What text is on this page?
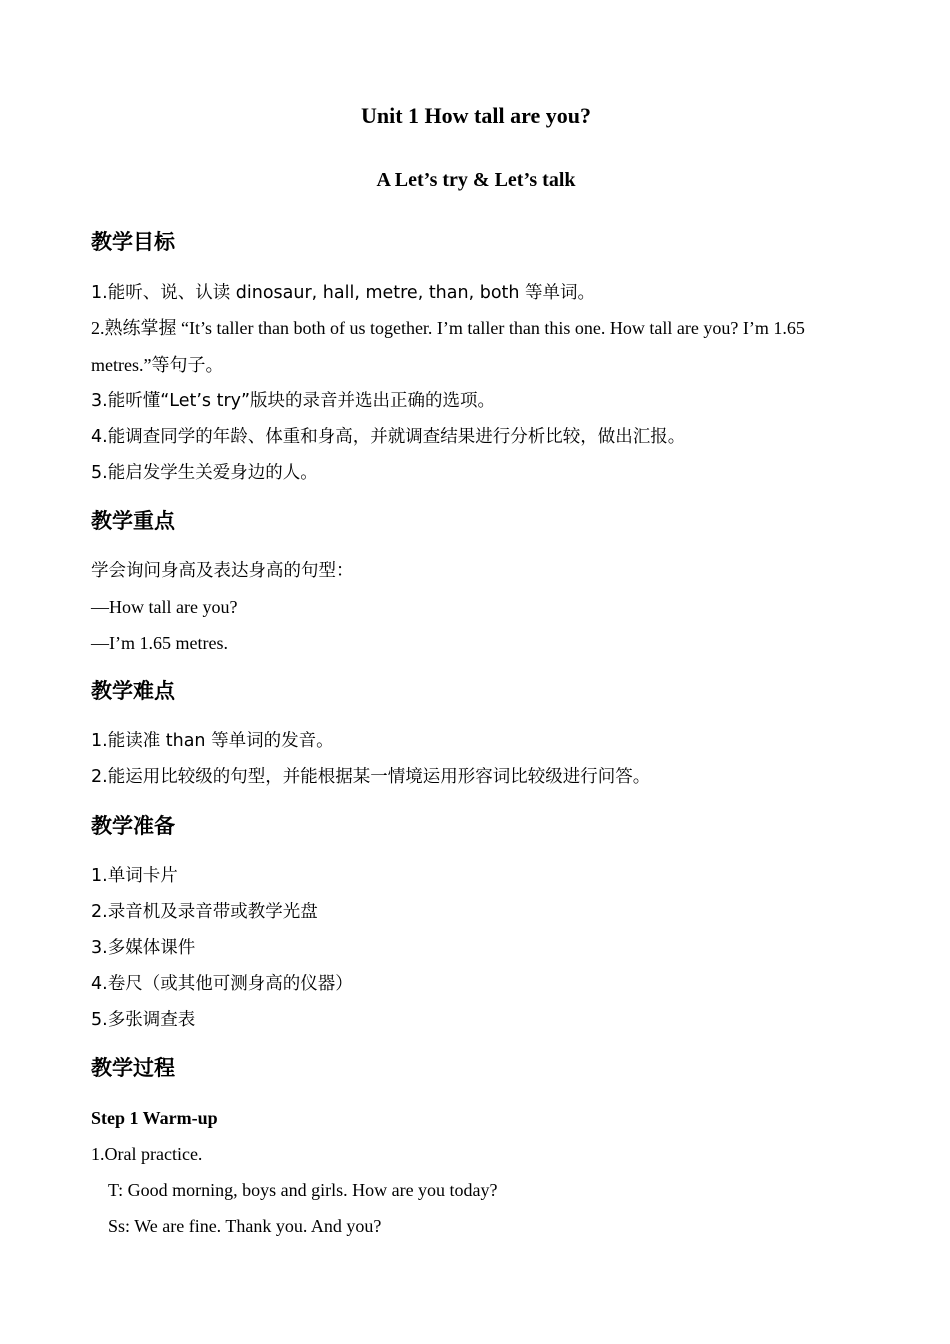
Unit 1 How tall are you?
A Let’s try & Let’s talk
教学目标
1.能听、说、认读 dinosaur, hall, metre, than, both 等单词。
2.熟练掌握 “It’s taller than both of us together. I’m taller than this one. How tall are you? I’m 1.65
metres.”等句子。
3.能听懂“Let’s try”版块的录音并选出正确的选项。
4.能调查同学的年龄、体重和身高，并就调查结果进行分析比较，做出汇报。
5.能启发学生关爱身边的人。
教学重点
学会询问身高及表达身高的句型：
—How tall are you?
—I’m 1.65 metres.
教学难点
1.能读准 than 等单词的发音。
2.能运用比较级的句型，并能根据某一情境运用形容词比较级进行问答。
教学准备
1.单词卡片
2.录音机及录音带或教学光盘
3.多媒体课件
4.卷尺（或其他可测身高的仪器）
5.多张调查表
教学过程
Step 1 Warm-up
1.Oral practice.
T: Good morning, boys and girls. How are you today?
Ss: We are fine. Thank you. And you?
